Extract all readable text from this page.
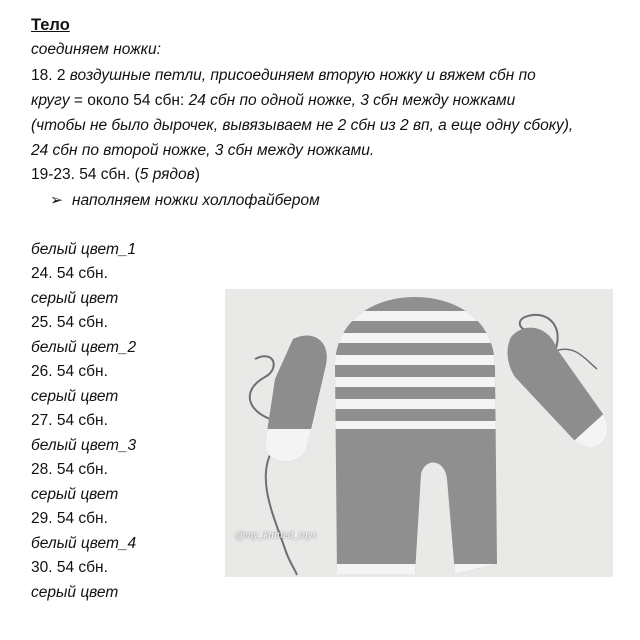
Тело
соединяем ножки:
18. 2 воздушные петли, присоединяем вторую ножку и вяжем сбн по
кругу = около 54 сбн: 24 сбн по одной ножке, 3 сбн между ножками
(чтобы не было дырочек, вывязываем не 2 сбн из 2 вп, а еще одну сбоку),
24 сбн по второй ножке, 3 сбн между ножками.
19-23. 54 сбн. (5 рядов)
➢ наполняем ножки холлофайбером
белый цвет_1
24. 54 сбн.
серый цвет
25. 54 сбн.
белый цвет_2
26. 54 сбн.
серый цвет
27. 54 сбн.
белый цвет_3
28. 54 сбн.
серый цвет
29. 54 сбн.
белый цвет_4
30. 54 сбн.
серый цвет
@my_knitted_toys
